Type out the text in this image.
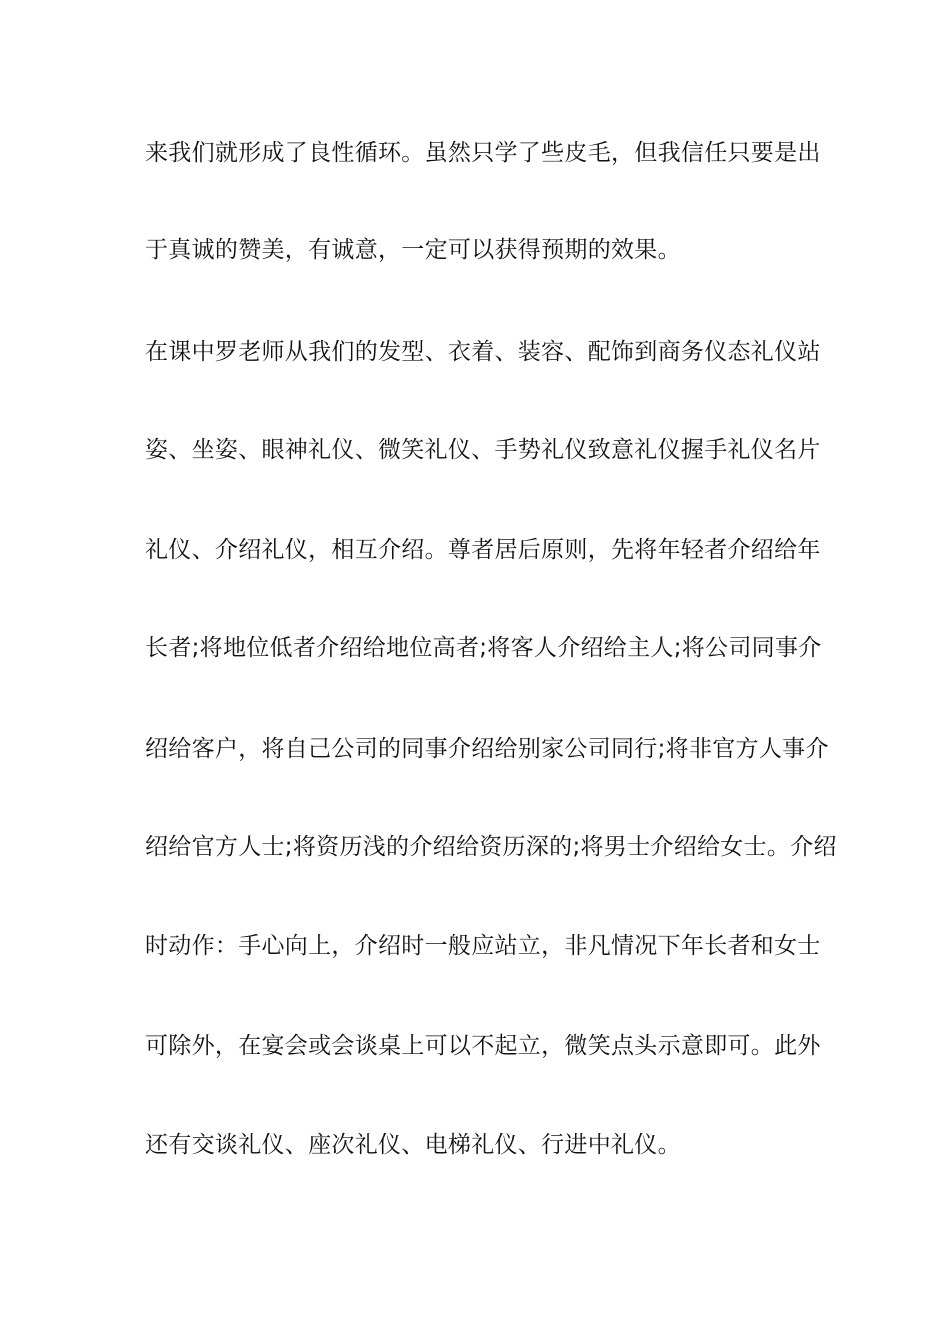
来我们就形成了良性循环。虽然只学了些皮毛，但我信任只要是出
于真诚的赞美，有诚意，一定可以获得预期的效果。
在课中罗老师从我们的发型、衣着、装容、配饰到商务仪态礼仪站
姿、坐姿、眼神礼仪、微笑礼仪、手势礼仪致意礼仪握手礼仪名片
礼仪、介绍礼仪，相互介绍。尊者居后原则，先将年轻者介绍给年
长者;将地位低者介绍给地位高者;将客人介绍给主人;将公司同事介
绍给客户，将自己公司的同事介绍给别家公司同行;将非官方人事介
绍给官方人士;将资历浅的介绍给资历深的;将男士介绍给女士。介绍
时动作：手心向上，介绍时一般应站立，非凡情况下年长者和女士
可除外，在宴会或会谈桌上可以不起立，微笑点头示意即可。此外
还有交谈礼仪、座次礼仪、电梯礼仪、行进中礼仪。
